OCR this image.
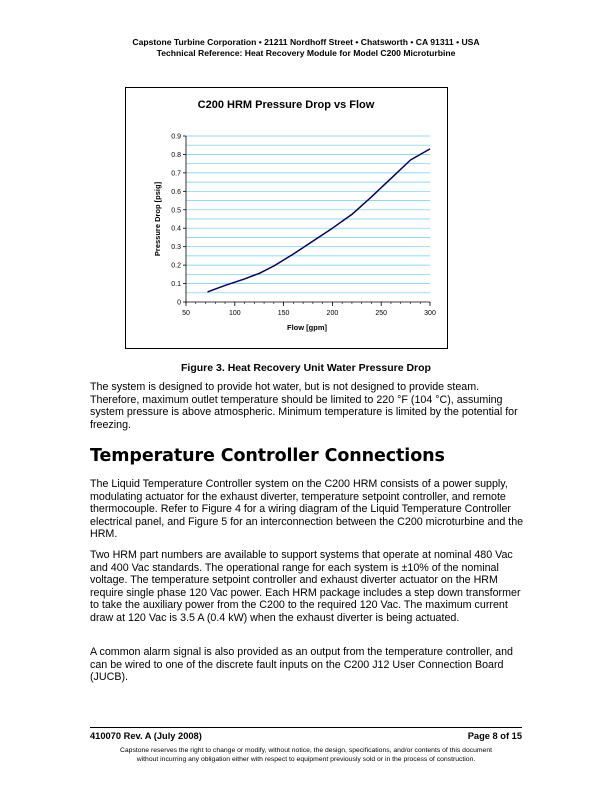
Capstone Turbine Corporation • 21211 Nordhoff Street • Chatsworth • CA 91311 • USA
Technical Reference: Heat Recovery Module for Model C200 Microturbine
C200 HRM Pressure Drop vs Flow
0
0.1
0.2
0.3
0.4
0.5
0.6
0.7
0.8
0.9
50	100	150	200	250	300
Flow [gpm]
Pressure Drop [psig]
Figure 3. Heat Recovery Unit Water Pressure Drop

The system is designed to provide hot water, but is not designed to provide steam. Therefore, maximum outlet temperature should be limited to 220 °F (104 °C), assuming system pressure is above atmospheric. Minimum temperature is limited by the potential for freezing.

Temperature Controller Connections

The Liquid Temperature Controller system on the C200 HRM consists of a power supply, modulating actuator for the exhaust diverter, temperature setpoint controller, and remote thermocouple. Refer to Figure 4 for a wiring diagram of the Liquid Temperature Controller electrical panel, and Figure 5 for an interconnection between the C200 microturbine and the HRM.

Two HRM part numbers are available to support systems that operate at nominal 480 Vac and 400 Vac standards. The operational range for each system is ±10% of the nominal voltage. The temperature setpoint controller and exhaust diverter actuator on the HRM require single phase 120 Vac power. Each HRM package includes a step down transformer to take the auxiliary power from the C200 to the required 120 Vac. The maximum current draw at 120 Vac is 3.5 A (0.4 kW) when the exhaust diverter is being actuated.

A common alarm signal is also provided as an output from the temperature controller, and can be wired to one of the discrete fault inputs on the C200 J12 User Connection Board (JUCB).

410070 Rev. A (July 2008)	Page 8 of 15
Capstone reserves the right to change or modify, without notice, the design, specifications, and/or contents of this document
without incurring any obligation either with respect to equipment previously sold or in the process of construction.
